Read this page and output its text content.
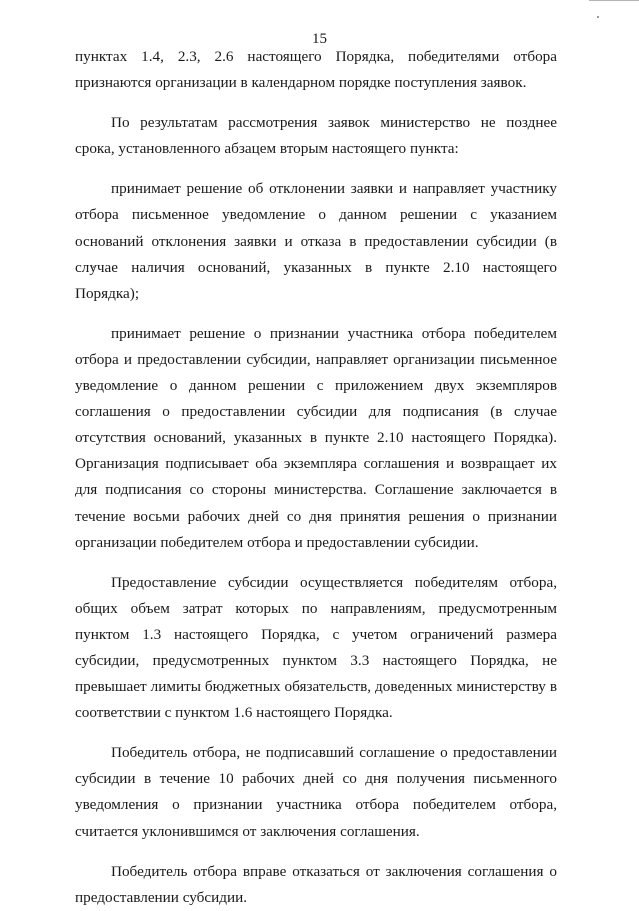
15

пунктах 1.4, 2.3, 2.6 настоящего Порядка, победителями отбора признаются организации в календарном порядке поступления заявок.

По результатам рассмотрения заявок министерство не позднее срока, установленного абзацем вторым настоящего пункта:

принимает решение об отклонении заявки и направляет участнику отбора письменное уведомление о данном решении с указанием оснований отклонения заявки и отказа в предоставлении субсидии (в случае наличия оснований, указанных в пункте 2.10 настоящего Порядка);

принимает решение о признании участника отбора победителем отбора и предоставлении субсидии, направляет организации письменное уведомление о данном решении с приложением двух экземпляров соглашения о предоставлении субсидии для подписания (в случае отсутствия оснований, указанных в пункте 2.10 настоящего Порядка). Организация подписывает оба экземпляра соглашения и возвращает их для подписания со стороны министерства. Соглашение заключается в течение восьми рабочих дней со дня принятия решения о признании организации победителем отбора и предоставлении субсидии.

Предоставление субсидии осуществляется победителям отбора, общих объем затрат которых по направлениям, предусмотренным пунктом 1.3 настоящего Порядка, с учетом ограничений размера субсидии, предусмотренных пунктом 3.3 настоящего Порядка, не превышает лимиты бюджетных обязательств, доведенных министерству в соответствии с пунктом 1.6 настоящего Порядка.

Победитель отбора, не подписавший соглашение о предоставлении субсидии в течение 10 рабочих дней со дня получения письменного уведомления о признании участника отбора победителем отбора, считается уклонившимся от заключения соглашения.

Победитель отбора вправе отказаться от заключения соглашения о предоставлении субсидии.
